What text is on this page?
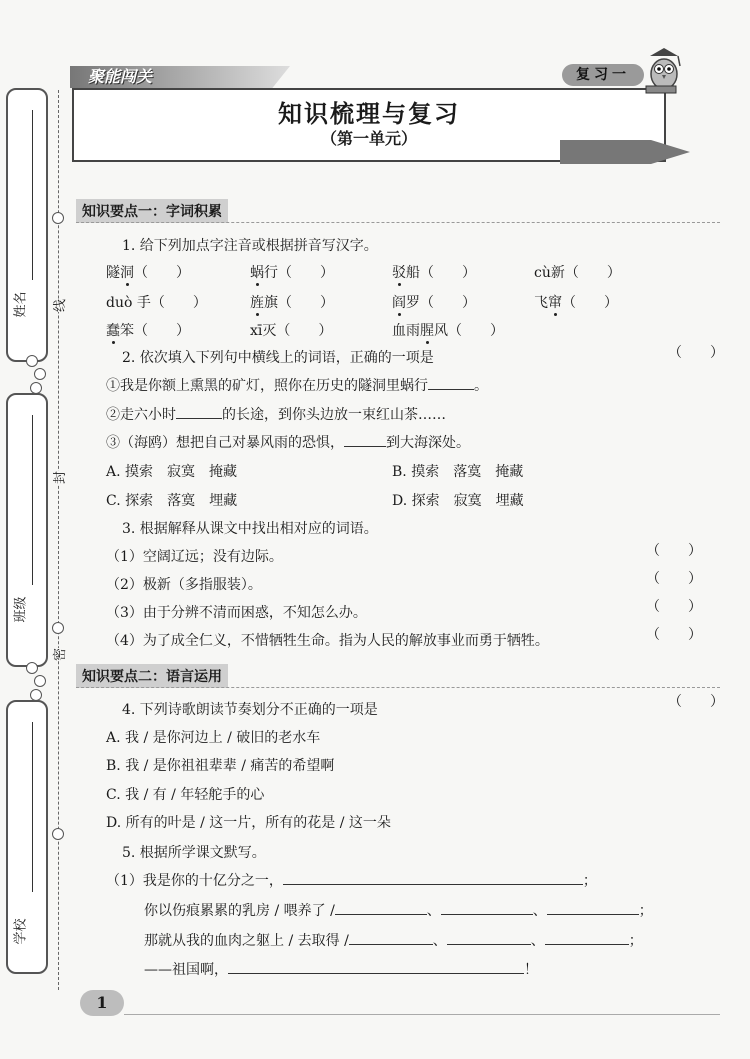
姓名
班级
学校
线
封
密
聚能闯关
知识梳理与复习
（第一单元）
复习一
知识要点一：字词积累
1. 给下列加点字注音或根据拼音写汉字。
隧洞（　　）	蜗行（　　）	驳船（　　）	cù新（　　）
duò 手（　　）	旌旗（　　）	阎罗（　　）	飞窜（　　）
蠢笨（　　）	xī灭（　　）	血雨腥风（　　）
2. 依次填入下列句中横线上的词语，正确的一项是	（　　）
①我是你额上熏黑的矿灯，照你在历史的隧洞里蜗行	。
②走六小时	的长途，到你头边放一束红山茶……
③（海鸥）想把自己对暴风雨的恐惧，	到大海深处。
A. 摸索　寂寞　掩藏	B. 摸索　落寞　掩藏
C. 探索　落寞　埋藏	D. 探索　寂寞　埋藏
3. 根据解释从课文中找出相对应的词语。
（1）空阔辽远；没有边际。	（　　）
（2）极新（多指服装）。	（　　）
（3）由于分辨不清而困惑，不知怎么办。	（　　）
（4）为了成全仁义，不惜牺牲生命。指为人民的解放事业而勇于牺牲。	（　　）
知识要点二：语言运用
4. 下列诗歌朗读节奏划分不正确的一项是	（　　）
A. 我 / 是你河边上 / 破旧的老水车
B. 我 / 是你祖祖辈辈 / 痛苦的希望啊
C. 我 / 有 / 年轻舵手的心
D. 所有的叶是 / 这一片，所有的花是 / 这一朵
5. 根据所学课文默写。
（1）我是你的十亿分之一，	；
你以伤痕累累的乳房 / 喂养了 /	、	、	；
那就从我的血肉之躯上 / 去取得 /	、	、	；
——祖国啊，	！
1
